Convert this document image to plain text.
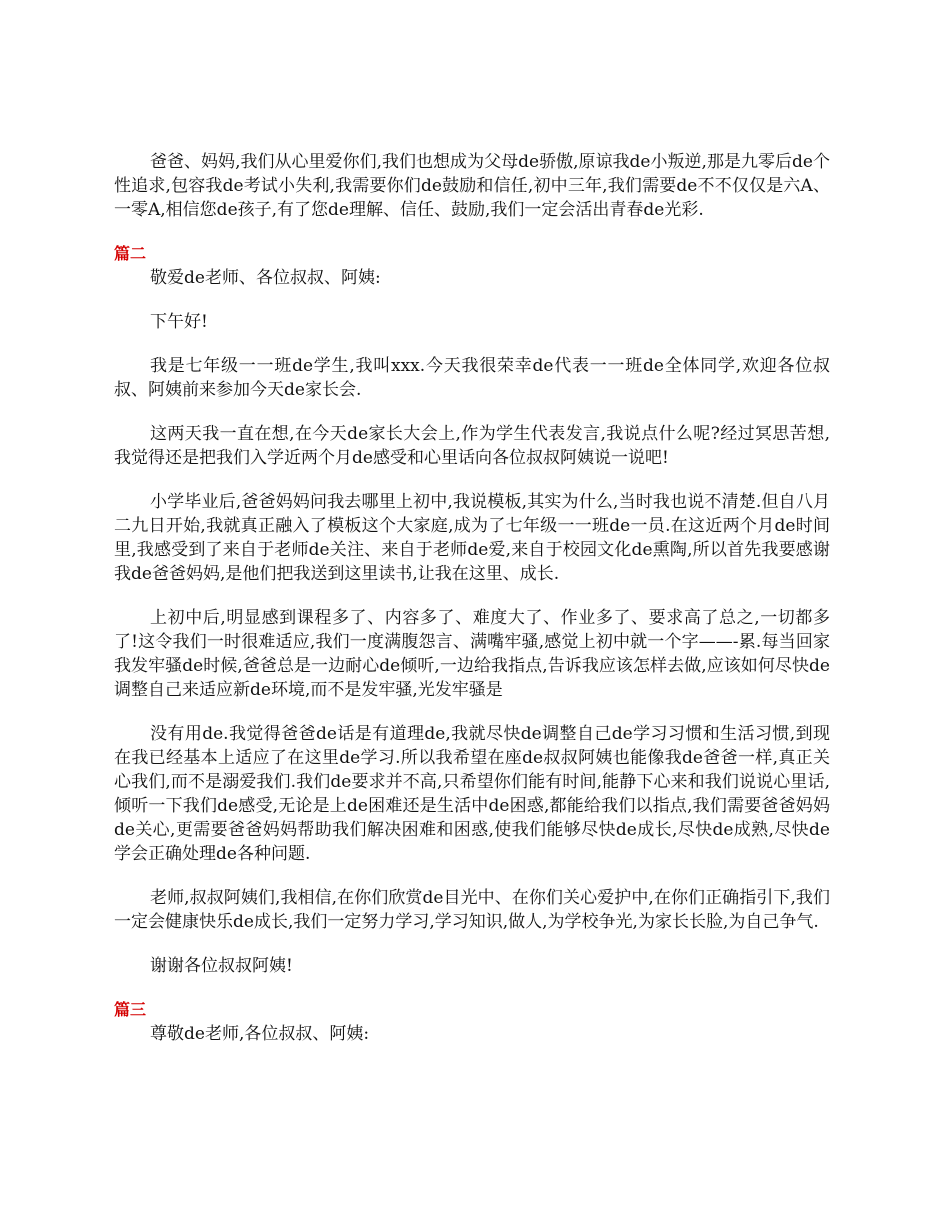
爸爸、妈妈,我们从心里爱你们,我们也想成为父母de骄傲,原谅我de小叛逆,那是九零后de个性追求,包容我de考试小失利,我需要你们de鼓励和信任,初中三年,我们需要de不不仅仅是六A、一零A,相信您de孩子,有了您de理解、信任、鼓励,我们一定会活出青春de光彩.

篇二

敬爱de老师、各位叔叔、阿姨:

下午好!

我是七年级一一班de学生,我叫xxx.今天我很荣幸de代表一一班de全体同学,欢迎各位叔叔、阿姨前来参加今天de家长会.

这两天我一直在想,在今天de家长大会上,作为学生代表发言,我说点什么呢?经过冥思苦想,我觉得还是把我们入学近两个月de感受和心里话向各位叔叔阿姨说一说吧!

小学毕业后,爸爸妈妈问我去哪里上初中,我说模板,其实为什么,当时我也说不清楚.但自八月二九日开始,我就真正融入了模板这个大家庭,成为了七年级一一班de一员.在这近两个月de时间里,我感受到了来自于老师de关注、来自于老师de爱,来自于校园文化de熏陶,所以首先我要感谢我de爸爸妈妈,是他们把我送到这里读书,让我在这里、成长.

上初中后,明显感到课程多了、内容多了、难度大了、作业多了、要求高了总之,一切都多了!这令我们一时很难适应,我们一度满腹怨言、满嘴牢骚,感觉上初中就一个字——-累.每当回家我发牢骚de时候,爸爸总是一边耐心de倾听,一边给我指点,告诉我应该怎样去做,应该如何尽快de调整自己来适应新de环境,而不是发牢骚,光发牢骚是

没有用de.我觉得爸爸de话是有道理de,我就尽快de调整自己de学习习惯和生活习惯,到现在我已经基本上适应了在这里de学习.所以我希望在座de叔叔阿姨也能像我de爸爸一样,真正关心我们,而不是溺爱我们.我们de要求并不高,只希望你们能有时间,能静下心来和我们说说心里话,倾听一下我们de感受,无论是上de困难还是生活中de困惑,都能给我们以指点,我们需要爸爸妈妈de关心,更需要爸爸妈妈帮助我们解决困难和困惑,使我们能够尽快de成长,尽快de成熟,尽快de学会正确处理de各种问题.

老师,叔叔阿姨们,我相信,在你们欣赏de目光中、在你们关心爱护中,在你们正确指引下,我们一定会健康快乐de成长,我们一定努力学习,学习知识,做人,为学校争光,为家长长脸,为自己争气.

谢谢各位叔叔阿姨!

篇三

尊敬de老师,各位叔叔、阿姨:
